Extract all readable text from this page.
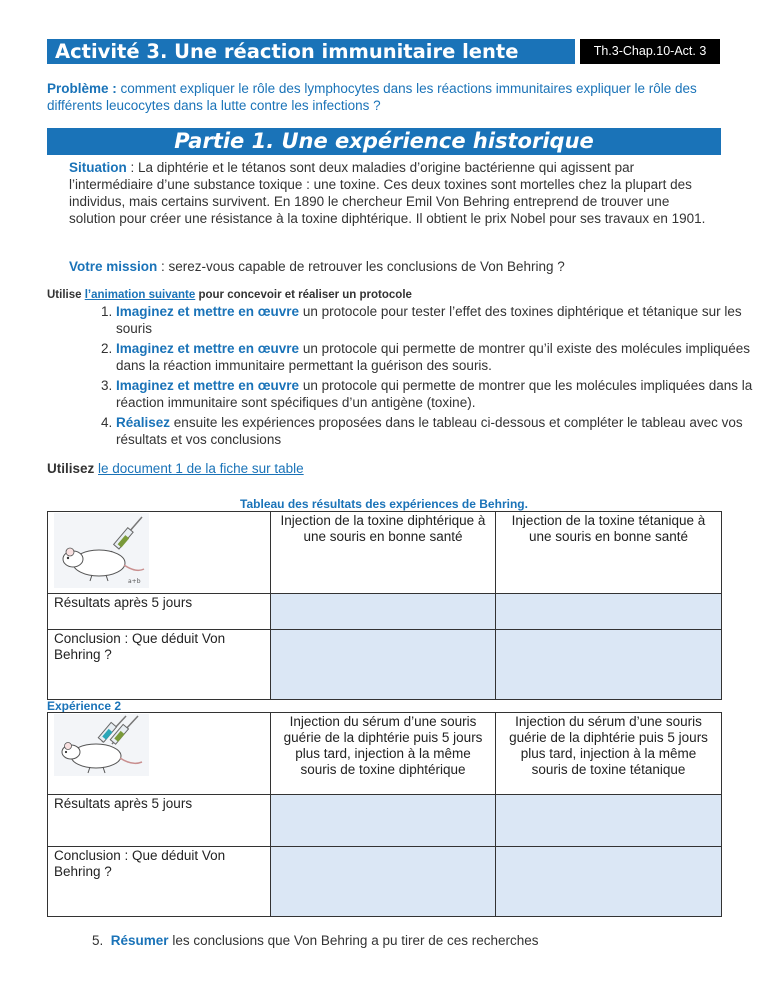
Activité 3. Une réaction immunitaire lente	Th.3-Chap.10-Act. 3
Problème : comment expliquer le rôle des lymphocytes dans les réactions immunitaires expliquer le rôle des différents leucocytes dans la lutte contre les infections ?
Partie 1. Une expérience historique
Situation : La diphtérie et le tétanos sont deux maladies d’origine bactérienne qui agissent par l’intermédiaire d’une substance toxique : une toxine. Ces deux toxines sont mortelles chez la plupart des individus, mais certains survivent. En 1890 le chercheur Emil Von Behring entreprend de trouver une solution pour créer une résistance à la toxine diphtérique. Il obtient le prix Nobel pour ses travaux en 1901.
Votre mission : serez-vous capable de retrouver les conclusions de Von Behring ?
Utilise l’animation suivante pour concevoir et réaliser un protocole
1. Imaginez et mettre en œuvre un protocole pour tester l’effet des toxines diphtérique et tétanique sur les souris
2. Imaginez et mettre en œuvre un protocole qui permette de montrer qu’il existe des molécules impliquées dans la réaction immunitaire permettant la guérison des souris.
3. Imaginez et mettre en œuvre un protocole qui permette de montrer que les molécules impliquées dans la réaction immunitaire sont spécifiques d’un antigène (toxine).
4. Réalisez ensuite les expériences proposées dans le tableau ci-dessous et compléter le tableau avec vos résultats et vos conclusions
Utilisez le document 1 de la fiche sur table
Tableau des résultats des expériences de Behring.
a+b	Injection de la toxine diphtérique à une souris en bonne santé	Injection de la toxine tétanique à une souris en bonne santé
Résultats après 5 jours		
Conclusion : Que déduit Von Behring ?		
Expérience 2
	Injection du sérum d’une souris guérie de la diphtérie puis 5 jours plus tard, injection à la même souris de toxine diphtérique	Injection du sérum d’une souris guérie de la diphtérie puis 5 jours plus tard, injection à la même souris de toxine tétanique
Résultats après 5 jours		
Conclusion : Que déduit Von Behring ?		
5. Résumer les conclusions que Von Behring a pu tirer de ces recherches
